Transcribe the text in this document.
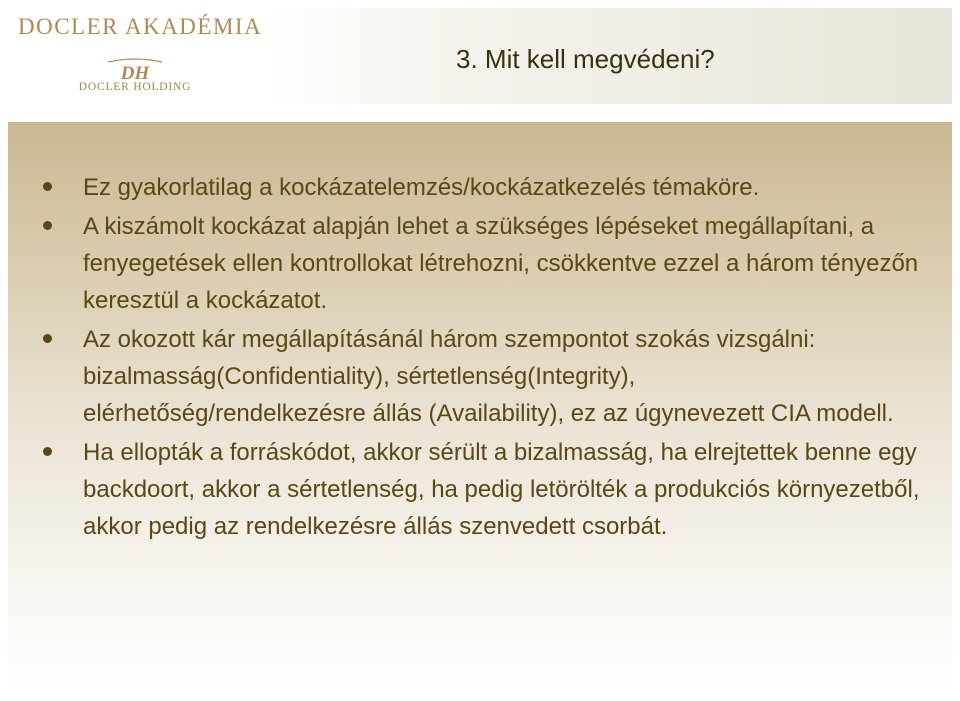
DOCLER AKADÉMIA
DH
DOCLER HOLDING
3. Mit kell megvédeni?
Ez gyakorlatilag a kockázatelemzés/kockázatkezelés témaköre.
A kiszámolt kockázat alapján lehet a szükséges lépéseket megállapítani, a fenyegetések ellen kontrollokat létrehozni, csökkentve ezzel a három tényezőn keresztül a kockázatot.
Az okozott kár megállapításánál három szempontot szokás vizsgálni: bizalmasság(Confidentiality), sértetlenség(Integrity), elérhetőség/rendelkezésre állás (Availability), ez az úgynevezett CIA modell.
Ha ellopták a forráskódot, akkor sérült a bizalmasság, ha elrejtettek benne egy backdoort, akkor a sértetlenség, ha pedig letörölték a produkciós környezetből, akkor pedig az rendelkezésre állás szenvedett csorbát.
